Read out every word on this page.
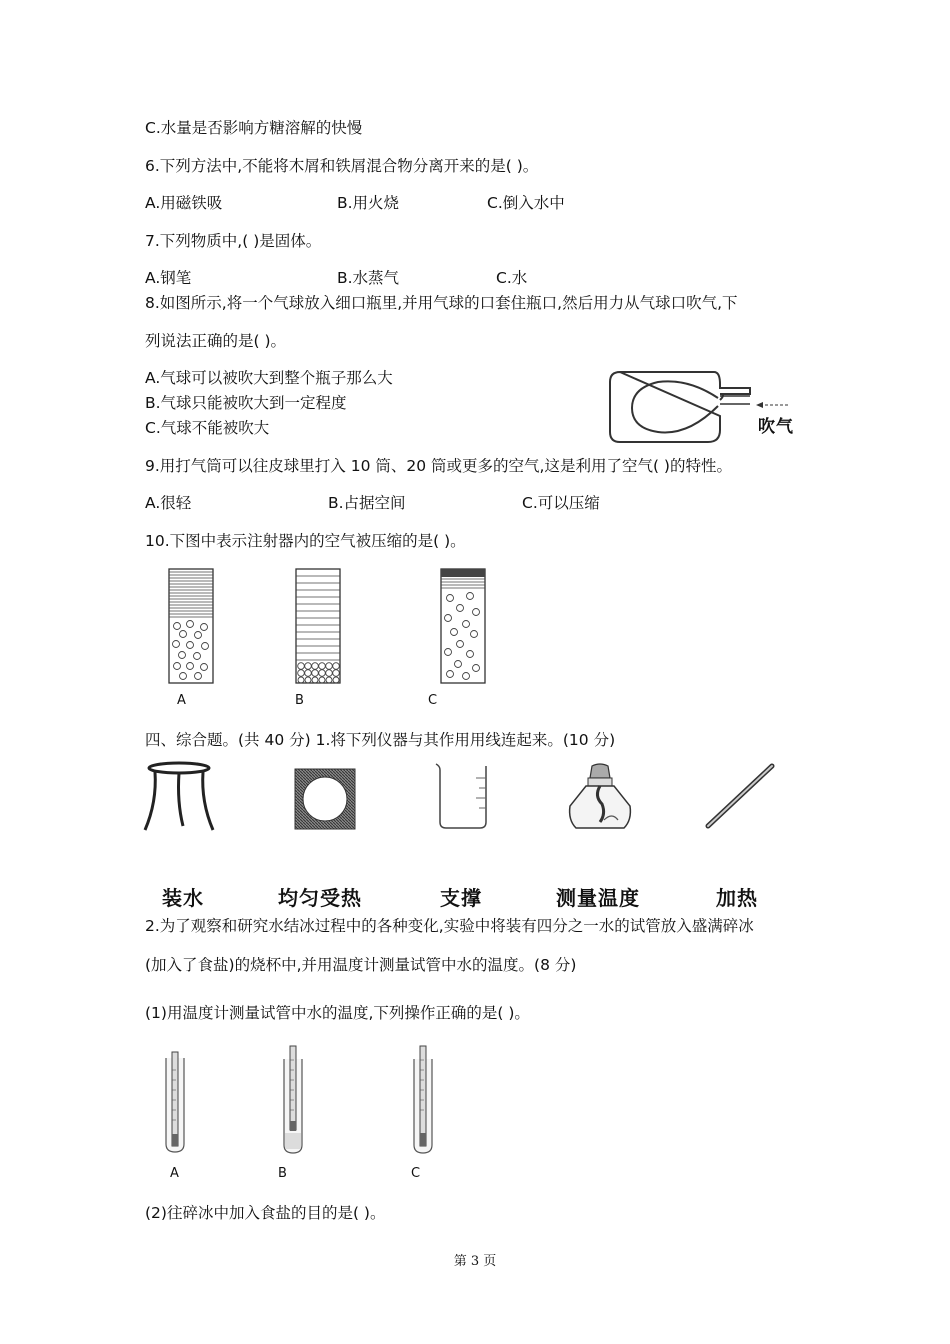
C.水量是否影响方糖溶解的快慢
6.下列方法中,不能将木屑和铁屑混合物分离开来的是( )。
A.用磁铁吸	B.用火烧	C.倒入水中
7.下列物质中,( )是固体。
A.钢笔	B.水蒸气	C.水
8.如图所示,将一个气球放入细口瓶里,并用气球的口套住瓶口,然后用力从气球口吹气,下
列说法正确的是( )。
A.气球可以被吹大到整个瓶子那么大
B.气球只能被吹大到一定程度
C.气球不能被吹大
9.用打气筒可以往皮球里打入 10 筒、20 筒或更多的空气,这是利用了空气( )的特性。
A.很轻	B.占据空间	C.可以压缩
10.下图中表示注射器内的空气被压缩的是( )。
四、综合题。(共 40 分) 1.将下列仪器与其作用用线连起来。(10 分)
2.为了观察和研究水结冰过程中的各种变化,实验中将装有四分之一水的试管放入盛满碎冰
(加入了食盐)的烧杯中,并用温度计测量试管中水的温度。(8 分)
(1)用温度计测量试管中水的温度,下列操作正确的是( )。
(2)往碎冰中加入食盐的目的是( )。
吹气
A	B	C
装水	均匀受热	支撑	测量温度	加热
A	B	C
第 3 页
